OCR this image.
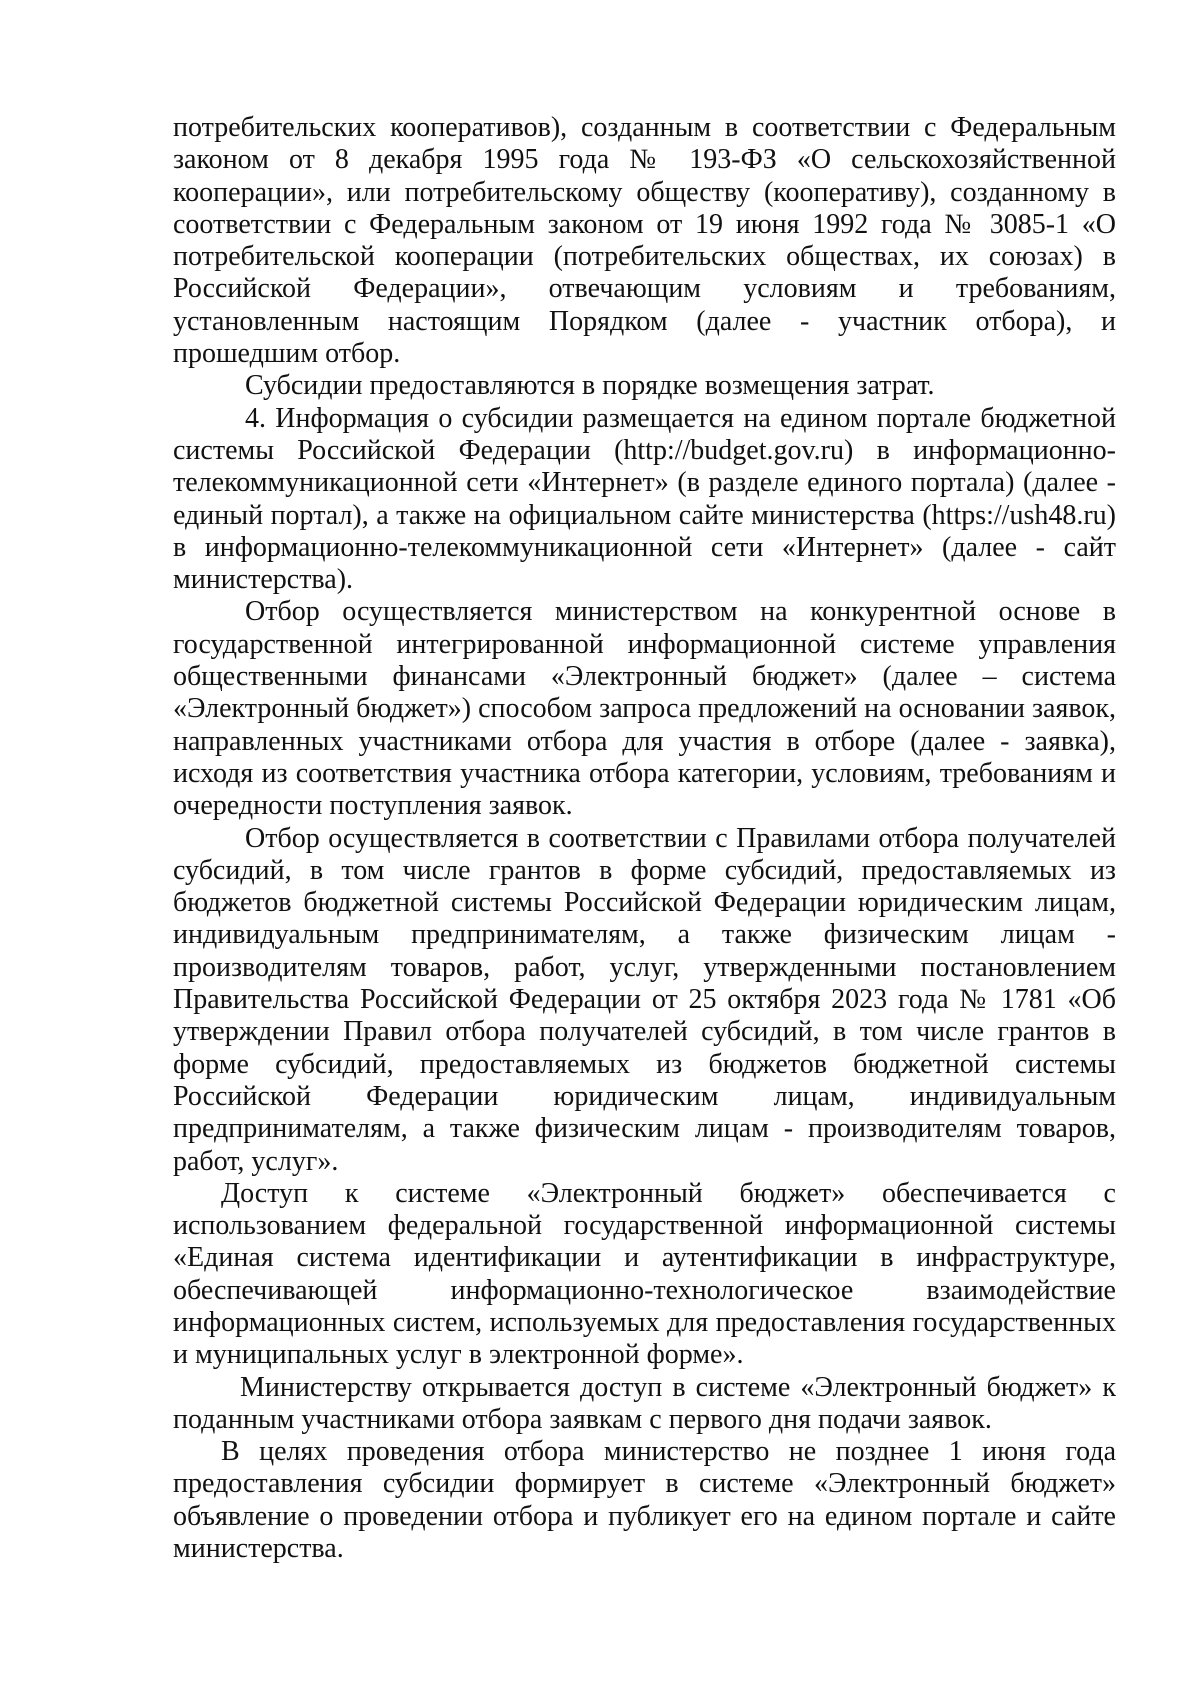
потребительских кооперативов), созданным в соответствии с Федеральным законом от 8 декабря 1995 года № 193-ФЗ «О сельскохозяйственной кооперации», или потребительскому обществу (кооперативу), созданному в соответствии с Федеральным законом от 19 июня 1992 года № 3085-1 «О потребительской кооперации (потребительских обществах, их союзах) в Российской Федерации», отвечающим условиям и требованиям, установленным настоящим Порядком (далее - участник отбора), и прошедшим отбор.

Субсидии предоставляются в порядке возмещения затрат.

4. Информация о субсидии размещается на едином портале бюджетной системы Российской Федерации (http://budget.gov.ru) в информационно-телекоммуникационной сети «Интернет» (в разделе единого портала) (далее - единый портал), а также на официальном сайте министерства (https://ush48.ru) в информационно-телекоммуникационной сети «Интернет» (далее - сайт министерства).

Отбор осуществляется министерством на конкурентной основе в государственной интегрированной информационной системе управления общественными финансами «Электронный бюджет» (далее – система «Электронный бюджет») способом запроса предложений на основании заявок, направленных участниками отбора для участия в отборе (далее - заявка), исходя из соответствия участника отбора категории, условиям, требованиям и очередности поступления заявок.

Отбор осуществляется в соответствии с Правилами отбора получателей субсидий, в том числе грантов в форме субсидий, предоставляемых из бюджетов бюджетной системы Российской Федерации юридическим лицам, индивидуальным предпринимателям, а также физическим лицам - производителям товаров, работ, услуг, утвержденными постановлением Правительства Российской Федерации от 25 октября 2023 года № 1781 «Об утверждении Правил отбора получателей субсидий, в том числе грантов в форме субсидий, предоставляемых из бюджетов бюджетной системы Российской Федерации юридическим лицам, индивидуальным предпринимателям, а также физическим лицам - производителям товаров, работ, услуг».

Доступ к системе «Электронный бюджет» обеспечивается с использованием федеральной государственной информационной системы «Единая система идентификации и аутентификации в инфраструктуре, обеспечивающей информационно-технологическое взаимодействие информационных систем, используемых для предоставления государственных и муниципальных услуг в электронной форме».

Министерству открывается доступ в системе «Электронный бюджет» к поданным участниками отбора заявкам с первого дня подачи заявок.

В целях проведения отбора министерство не позднее 1 июня года предоставления субсидии формирует в системе «Электронный бюджет» объявление о проведении отбора и публикует его на едином портале и сайте министерства.
